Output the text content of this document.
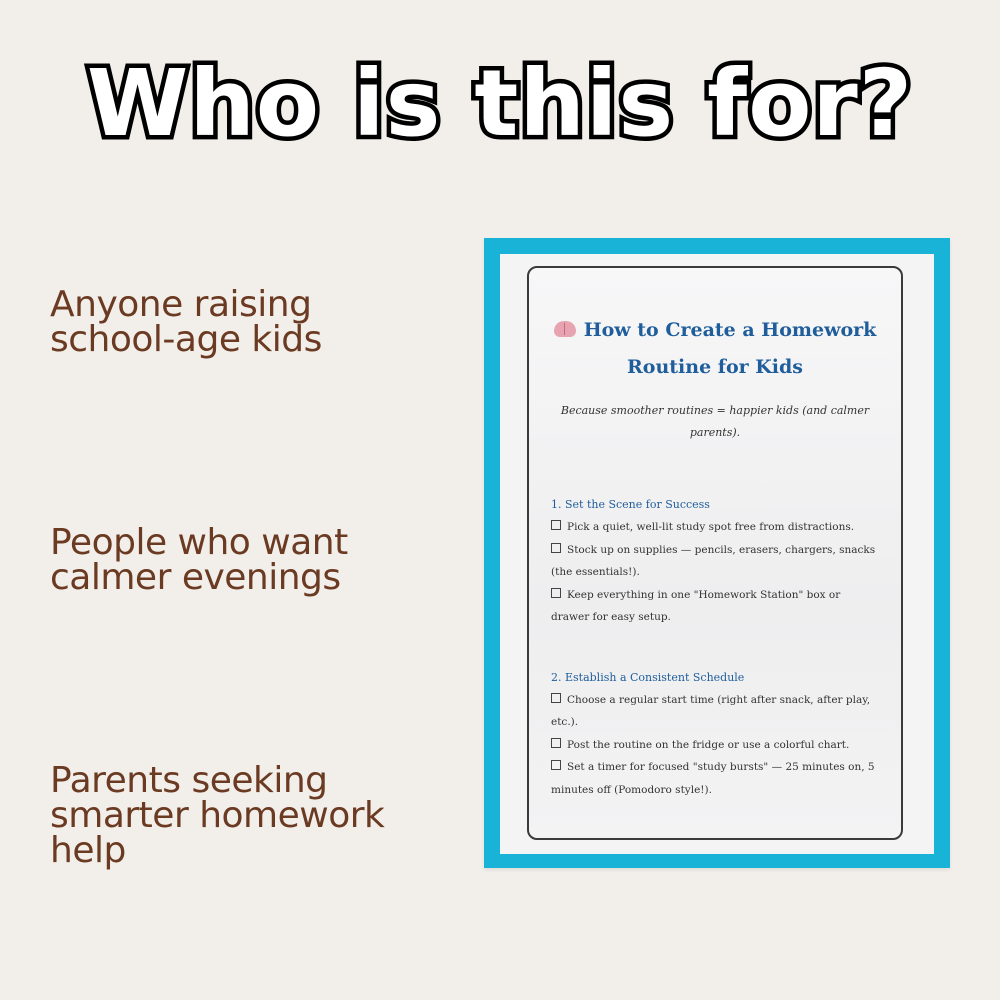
Who is this for?

Anyone raising
school-age kids

People who want
calmer evenings

Parents seeking
smarter homework
help

How to Create a Homework Routine for Kids
Because smoother routines = happier kids (and calmer parents).
1. Set the Scene for Success
Pick a quiet, well-lit study spot free from distractions.
Stock up on supplies — pencils, erasers, chargers, snacks (the essentials!).
Keep everything in one "Homework Station" box or drawer for easy setup.
2. Establish a Consistent Schedule
Choose a regular start time (right after snack, after play, etc.).
Post the routine on the fridge or use a colorful chart.
Set a timer for focused "study bursts" — 25 minutes on, 5 minutes off (Pomodoro style!).
